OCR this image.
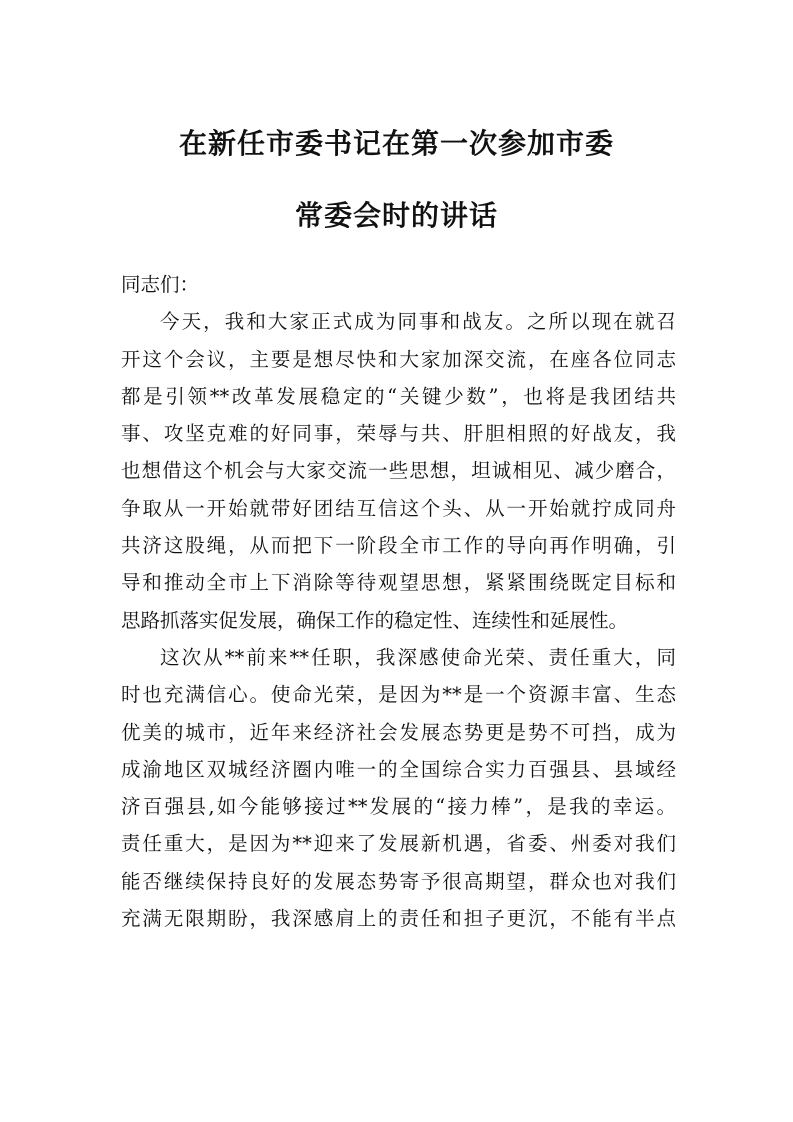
在新任市委书记在第一次参加市委
常委会时的讲话
同志们：
今天，我和大家正式成为同事和战友。之所以现在就召
开这个会议，主要是想尽快和大家加深交流，在座各位同志
都是引领**改革发展稳定的“关键少数”，也将是我团结共
事、攻坚克难的好同事，荣辱与共、肝胆相照的好战友，我
也想借这个机会与大家交流一些思想，坦诚相见、减少磨合，
争取从一开始就带好团结互信这个头、从一开始就拧成同舟
共济这股绳，从而把下一阶段全市工作的导向再作明确，引
导和推动全市上下消除等待观望思想，紧紧围绕既定目标和
思路抓落实促发展，确保工作的稳定性、连续性和延展性。
这次从**前来**任职，我深感使命光荣、责任重大，同
时也充满信心。使命光荣，是因为**是一个资源丰富、生态
优美的城市，近年来经济社会发展态势更是势不可挡，成为
成渝地区双城经济圈内唯一的全国综合实力百强县、县域经
济百强县,如今能够接过**发展的“接力棒”，是我的幸运。
责任重大，是因为**迎来了发展新机遇，省委、州委对我们
能否继续保持良好的发展态势寄予很高期望，群众也对我们
充满无限期盼，我深感肩上的责任和担子更沉，不能有半点
